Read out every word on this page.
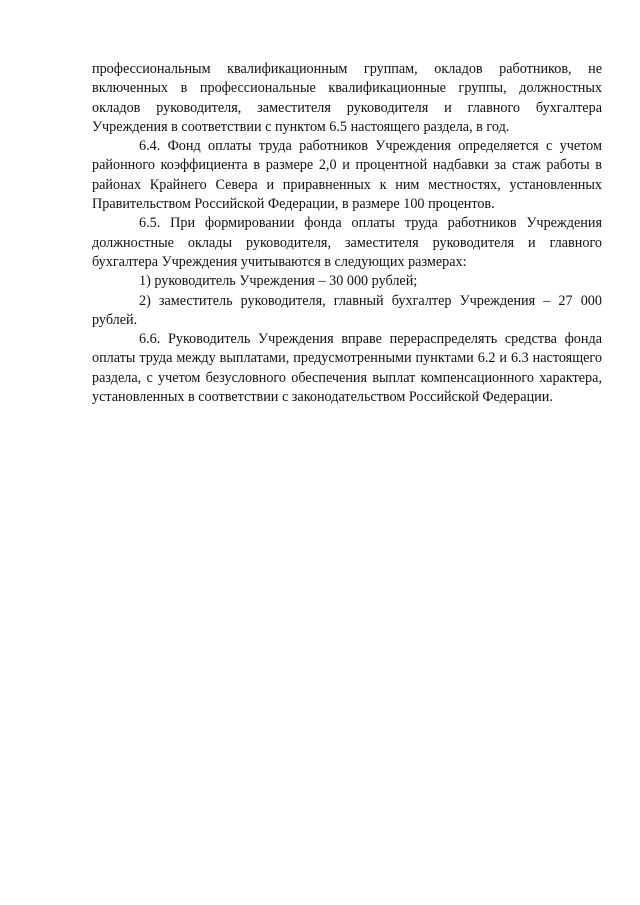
профессиональным квалификационным группам, окладов работников, не включенных в профессиональные квалификационные группы, должностных окладов руководителя, заместителя руководителя и главного бухгалтера Учреждения в соответствии с пунктом 6.5 настоящего раздела, в год.

6.4. Фонд оплаты труда работников Учреждения определяется с учетом районного коэффициента в размере 2,0 и процентной надбавки за стаж работы в районах Крайнего Севера и приравненных к ним местностях, установленных Правительством Российской Федерации, в размере 100 процентов.

6.5. При формировании фонда оплаты труда работников Учреждения должностные оклады руководителя, заместителя руководителя и главного бухгалтера Учреждения учитываются в следующих размерах:

1) руководитель Учреждения – 30 000 рублей;

2) заместитель руководителя, главный бухгалтер Учреждения – 27 000 рублей.

6.6. Руководитель Учреждения вправе перераспределять средства фонда оплаты труда между выплатами, предусмотренными пунктами 6.2 и 6.3 настоящего раздела, с учетом безусловного обеспечения выплат компенсационного характера, установленных в соответствии с законодательством Российской Федерации.
